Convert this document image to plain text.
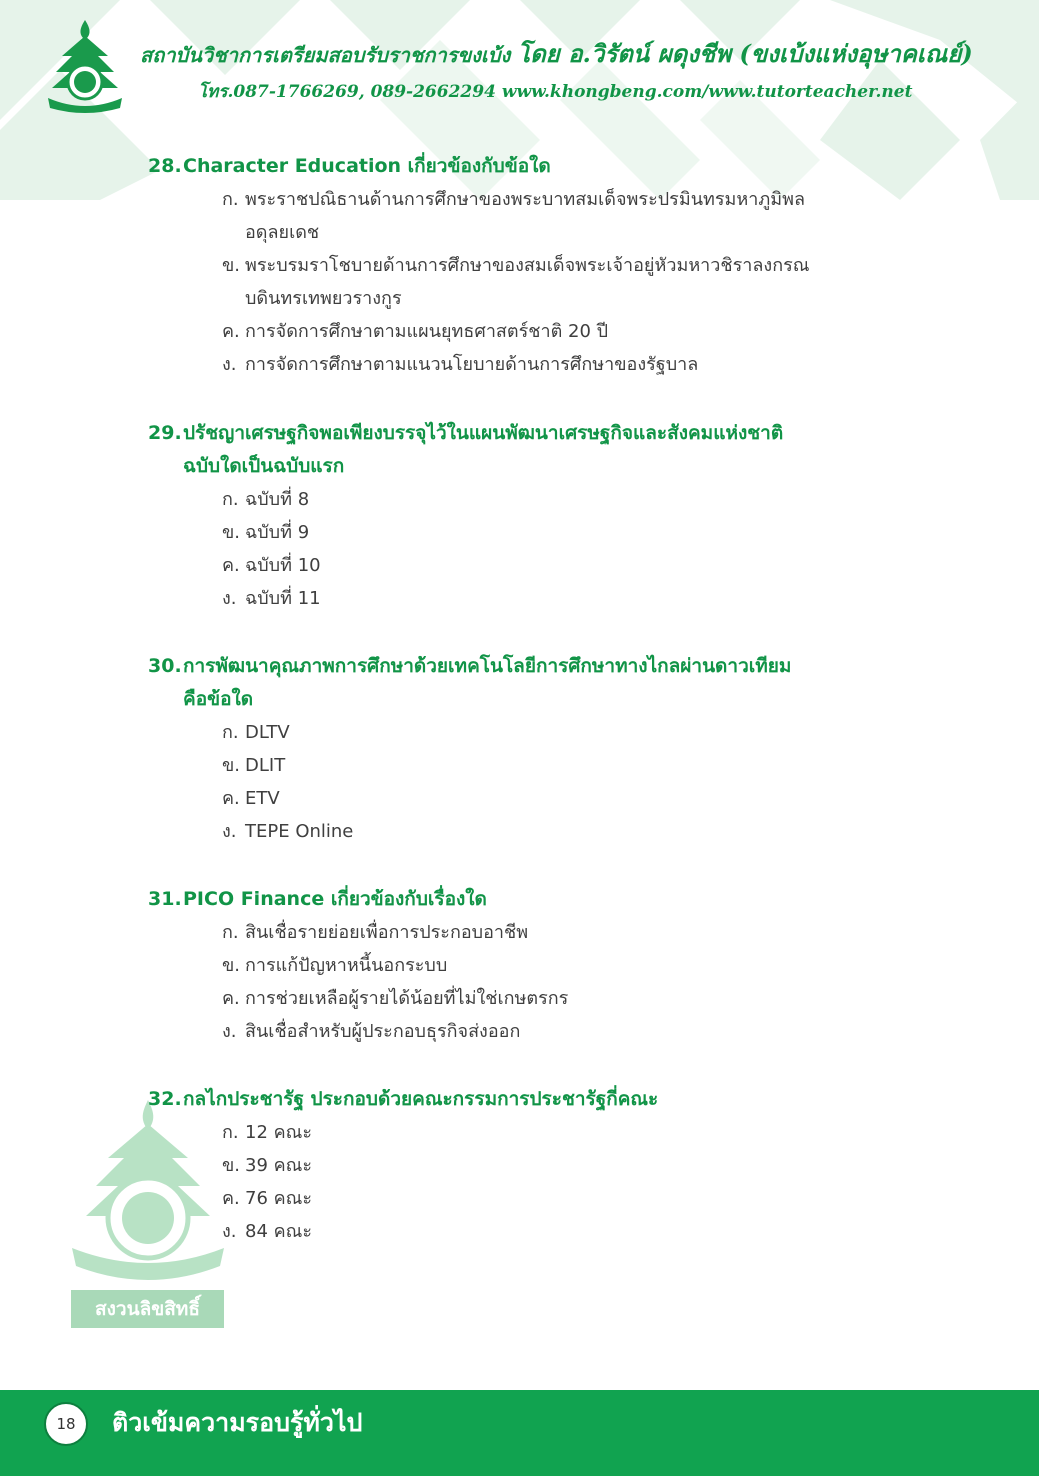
สถาบันวิชาการเตรียมสอบรับราชการขงเบ้ง โดย อ.วิรัตน์ ผดุงชีพ (ขงเบ้งแห่งอุษาคเณย์)
โทร.087-1766269, 089-2662294 www.khongbeng.com/www.tutorteacher.net
สงวนลิขสิทธิ์
28.Character Education เกี่ยวข้องกับข้อใด
ก. พระราชปณิธานด้านการศึกษาของพระบาทสมเด็จพระปรมินทรมหาภูมิพล
อดุลยเดช
ข. พระบรมราโชบายด้านการศึกษาของสมเด็จพระเจ้าอยู่หัวมหาวชิราลงกรณ
บดินทรเทพยวรางกูร
ค. การจัดการศึกษาตามแผนยุทธศาสตร์ชาติ 20 ปี
ง. การจัดการศึกษาตามแนวนโยบายด้านการศึกษาของรัฐบาล
29.ปรัชญาเศรษฐกิจพอเพียงบรรจุไว้ในแผนพัฒนาเศรษฐกิจและสังคมแห่งชาติ
ฉบับใดเป็นฉบับแรก
ก. ฉบับที่ 8
ข. ฉบับที่ 9
ค. ฉบับที่ 10
ง. ฉบับที่ 11
30.การพัฒนาคุณภาพการศึกษาด้วยเทคโนโลยีการศึกษาทางไกลผ่านดาวเทียม
คือข้อใด
ก. DLTV
ข. DLIT
ค. ETV
ง. TEPE Online
31.PICO Finance เกี่ยวข้องกับเรื่องใด
ก. สินเชื่อรายย่อยเพื่อการประกอบอาชีพ
ข. การแก้ปัญหาหนี้นอกระบบ
ค. การช่วยเหลือผู้รายได้น้อยที่ไม่ใช่เกษตรกร
ง. สินเชื่อสำหรับผู้ประกอบธุรกิจส่งออก
32.กลไกประชารัฐ ประกอบด้วยคณะกรรมการประชารัฐกี่คณะ
ก. 12 คณะ
ข. 39 คณะ
ค. 76 คณะ
ง. 84 คณะ
18	ติวเข้มความรอบรู้ทั่วไป
